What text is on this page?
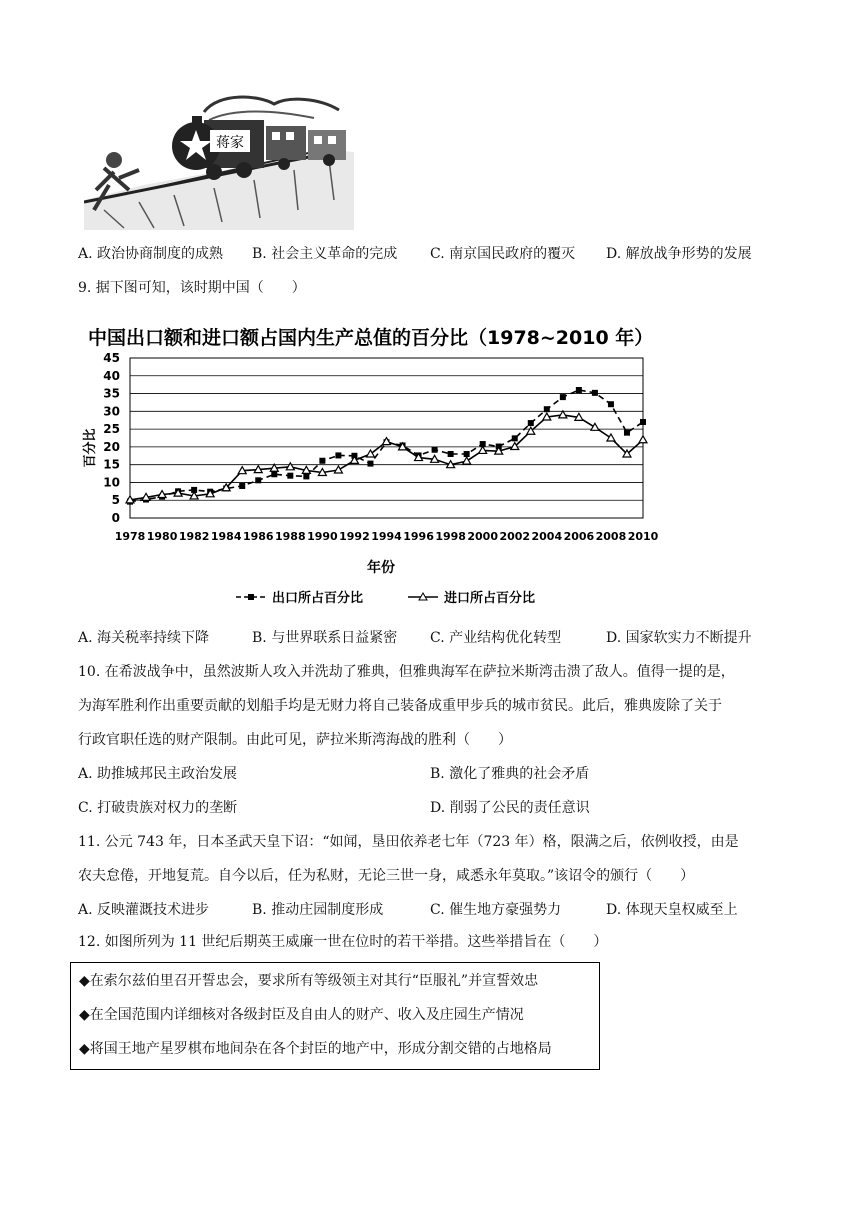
蒋家
A. 政治协商制度的成熟 B. 社会主义革命的完成 C. 南京国民政府的覆灭 D. 解放战争形势的发展
9. 据下图可知，该时期中国（　　）
中国出口额和进口额占国内生产总值的百分比（1978~2010 年）
0
5
10
15
20
25
30
35
40
45
1978 1980 1982 1984 1986 1988 1990 1992 1994 1996 1998 2000 2002 2004 2006 2008 2010
百分比
年份
出口所占百分比	进口所占百分比
A. 海关税率持续下降	B. 与世界联系日益紧密 C. 产业结构优化转型	D. 国家软实力不断提升
10. 在希波战争中，虽然波斯人攻入并洗劫了雅典，但雅典海军在萨拉米斯湾击溃了敌人。值得一提的是，
为海军胜利作出重要贡献的划船手均是无财力将自己装备成重甲步兵的城市贫民。此后，雅典废除了关于
行政官职任选的财产限制。由此可见，萨拉米斯湾海战的胜利（　　）
A. 助推城邦民主政治发展	B. 激化了雅典的社会矛盾
C. 打破贵族对权力的垄断	D. 削弱了公民的责任意识
11. 公元 743 年，日本圣武天皇下诏：“如闻，垦田依养老七年（723 年）格，限满之后，依例收授，由是
农夫怠倦，开地复荒。自今以后，任为私财，无论三世一身，咸悉永年莫取。”该诏令的颁行（　　）
A. 反映灌溉技术进步	B. 推动庄园制度形成	C. 催生地方豪强势力	D. 体现天皇权威至上
12. 如图所列为 11 世纪后期英王威廉一世在位时的若干举措。这些举措旨在（　　）
◆在索尔兹伯里召开誓忠会，要求所有等级领主对其行“臣服礼”并宣誓效忠
◆在全国范围内详细核对各级封臣及自由人的财产、收入及庄园生产情况
◆将国王地产星罗棋布地间杂在各个封臣的地产中，形成分割交错的占地格局
